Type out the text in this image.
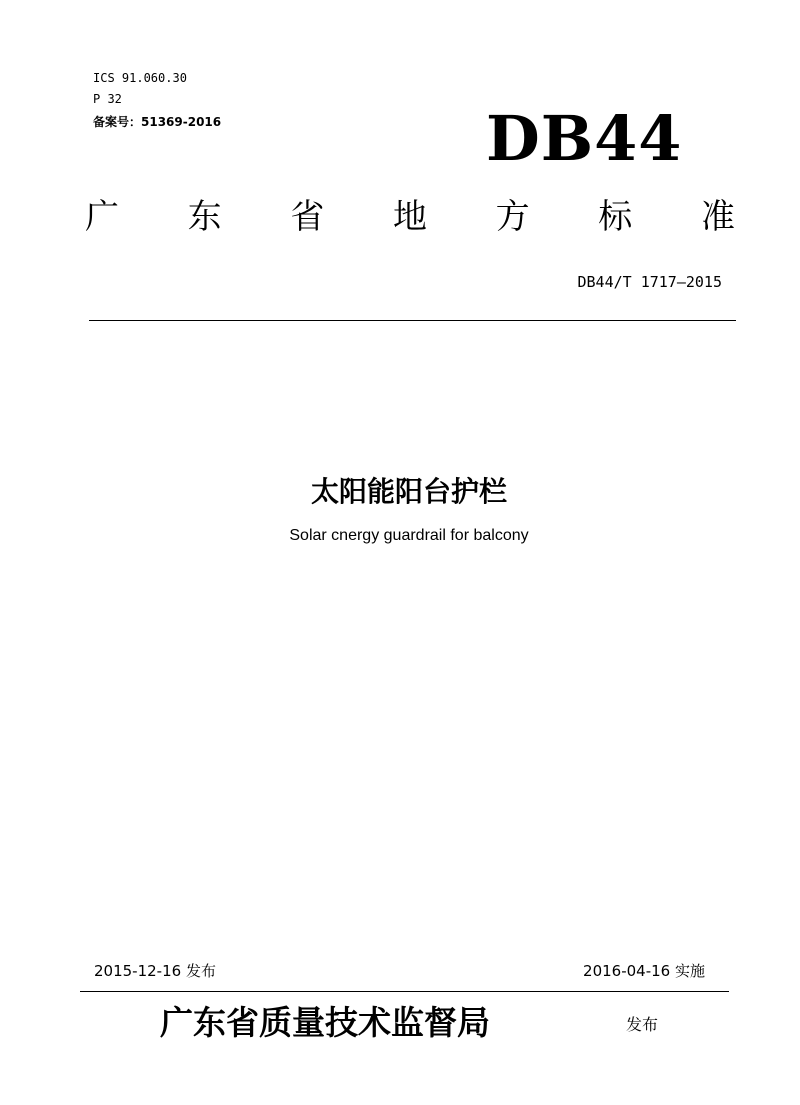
ICS 91.060.30
P 32
备案号：51369-2016	DB44
广 东 省 地 方 标 准
DB44/T 1717—2015
太阳能阳台护栏
Solar cnergy guardrail for balcony
2015-12-16 发布	2016-04-16 实施
广东省质量技术监督局	发布
